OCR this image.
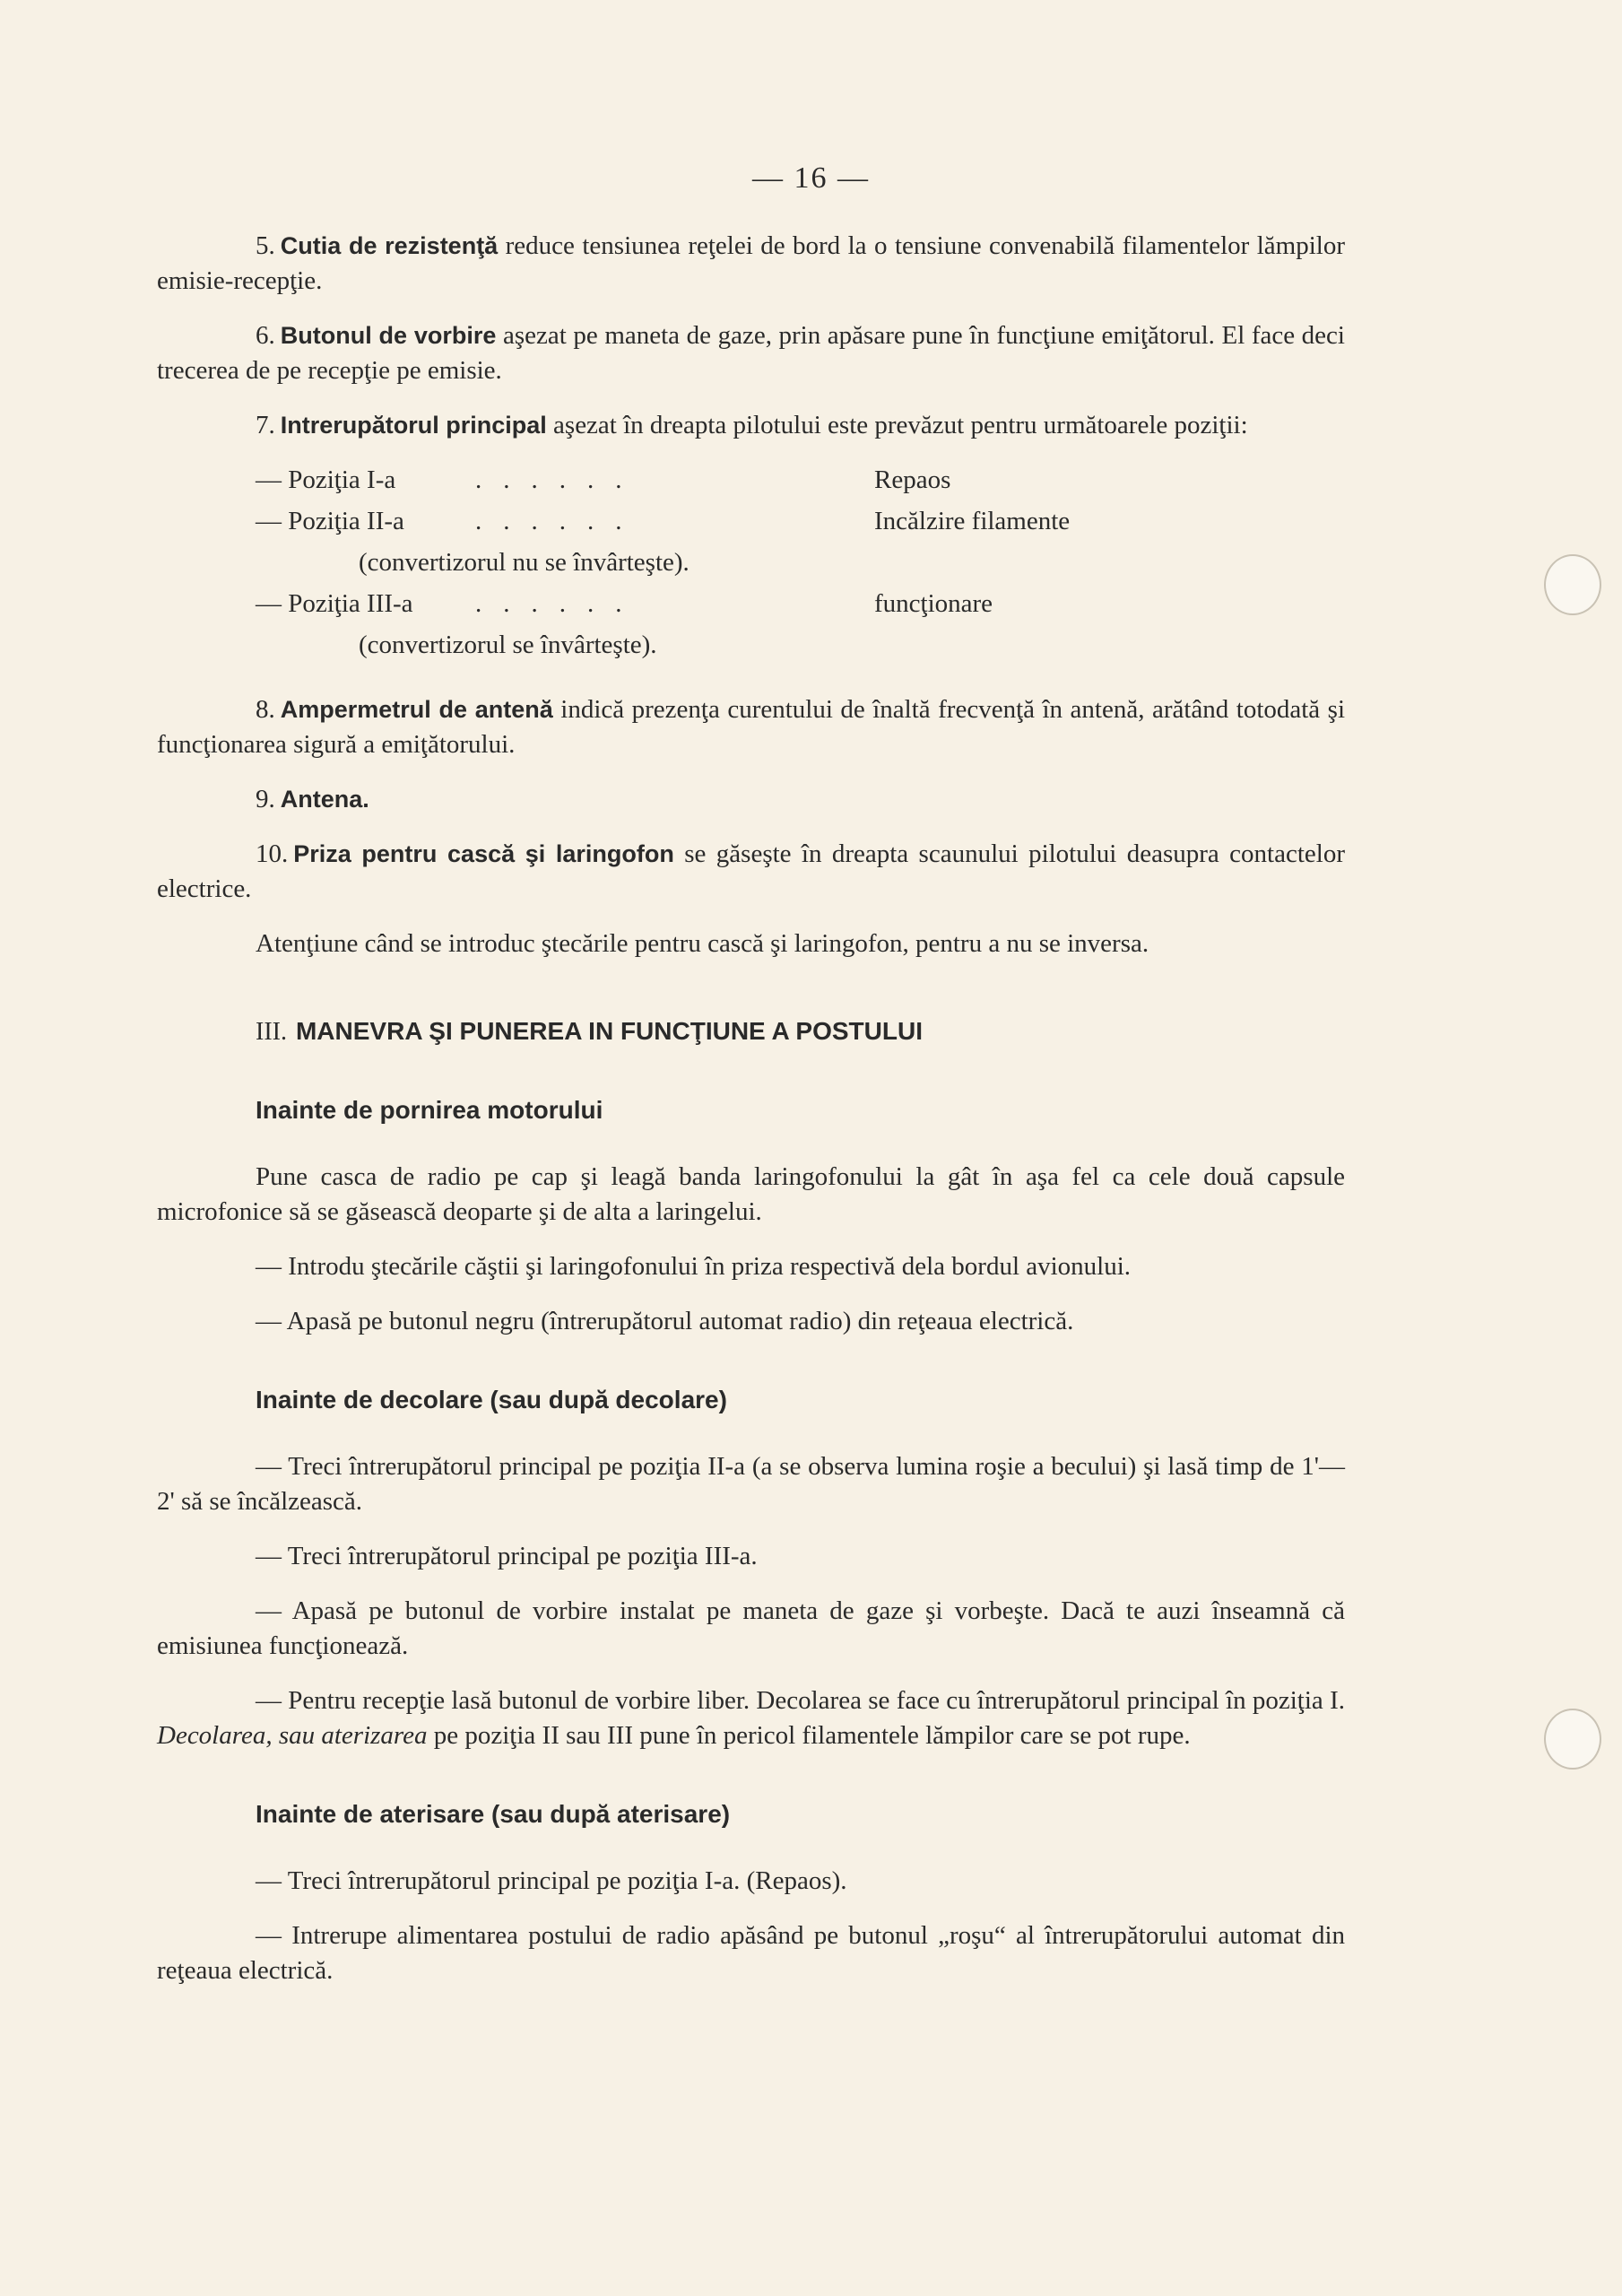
— 16 —

5. Cutia de rezistenţă reduce tensiunea reţelei de bord la o tensiune convenabilă filamentelor lămpilor emisie-recepţie.

6. Butonul de vorbire aşezat pe maneta de gaze, prin apăsare pune în funcţiune emiţătorul. El face deci trecerea de pe recepţie pe emisie.

7. Intrerupătorul principal aşezat în dreapta pilotului este prevăzut pentru următoarele poziţii:

— Poziţia I-a	......	Repaos
— Poziţia II-a	......	Incălzire filamente
(convertizorul nu se învârteşte).
— Poziţia III-a ......	funcţionare
(convertizorul se învârteşte).

8. Ampermetrul de antenă indică prezenţa curentului de înaltă frecvenţă în antenă, arătând totodată şi funcţionarea sigură a emiţătorului.

9. Antena.

10. Priza pentru cască şi laringofon se găseşte în dreapta scaunului pilotului deasupra contactelor electrice.

Atenţiune când se introduc ştecările pentru cască şi laringofon, pentru a nu se inversa.

III. MANEVRA ŞI PUNEREA IN FUNCŢIUNE A POSTULUI
Inainte de pornirea motorului

Pune casca de radio pe cap şi leagă banda laringofonului la gât în aşa fel ca cele două capsule microfonice să se găsească deoparte şi de alta a laringelui.

— Introdu ştecările căştii şi laringofonului în priza respectivă dela bordul avionului.

— Apasă pe butonul negru (întrerupătorul automat radio) din reţeaua electrică.

Inainte de decolare (sau după decolare)

— Treci întrerupătorul principal pe poziţia II-a (a se observa lumina roşie a becului) şi lasă timp de 1'—2' să se încălzească.

— Treci întrerupătorul principal pe poziţia III-a.

— Apasă pe butonul de vorbire instalat pe maneta de gaze şi vorbeşte. Dacă te auzi înseamnă că emisiunea funcţionează.

— Pentru recepţie lasă butonul de vorbire liber. Decolarea se face cu întrerupătorul principal în poziţia I. Decolarea, sau aterizarea pe poziţia II sau III pune în pericol filamentele lămpilor care se pot rupe.

Inainte de aterisare (sau după aterisare)

— Treci întrerupătorul principal pe poziţia I-a. (Repaos).

— Intrerupe alimentarea postului de radio apăsând pe butonul „roşu“ al întrerupătorului automat din reţeaua electrică.
